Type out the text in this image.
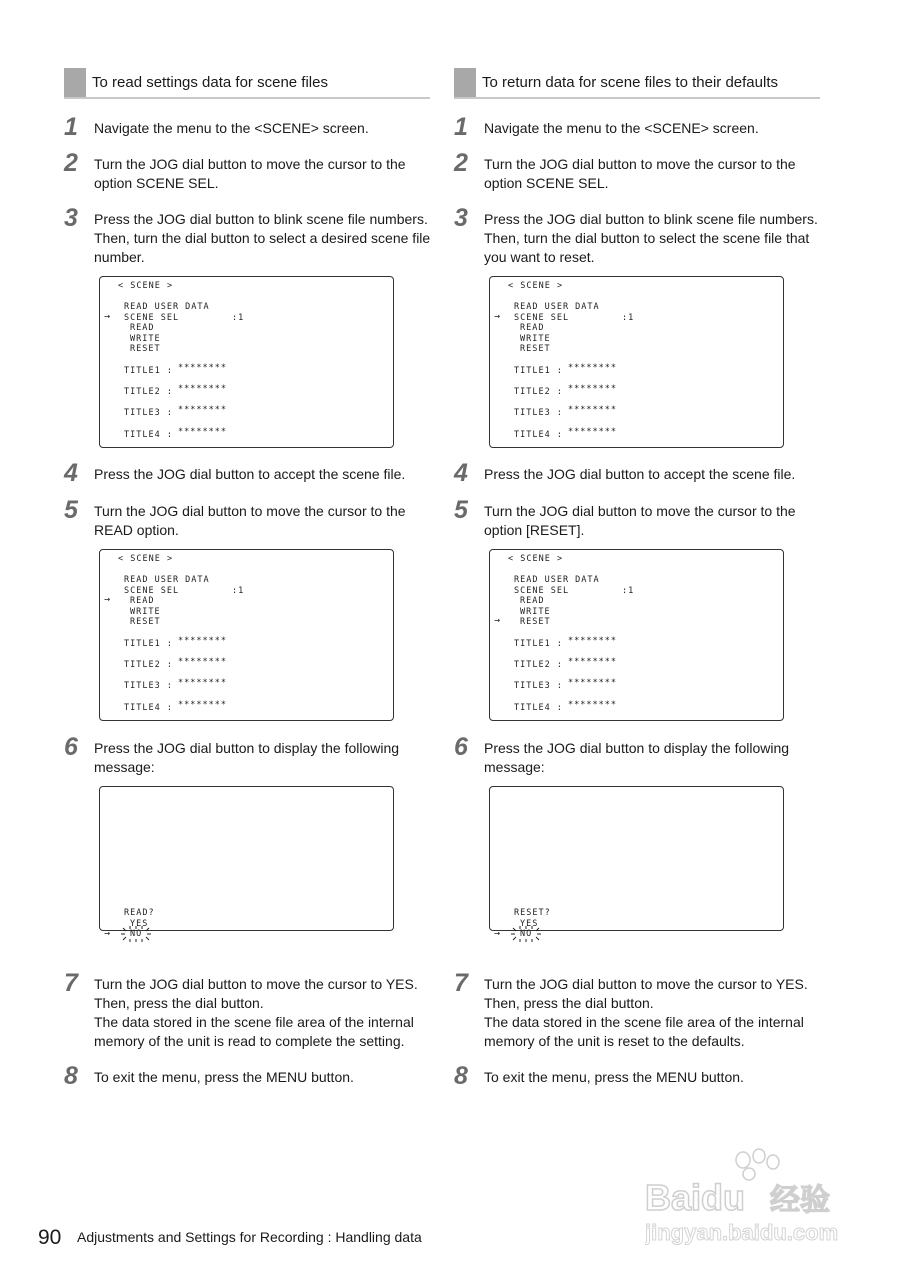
To read settings data for scene files
1 Navigate the menu to the <SCENE> screen.
2 Turn the JOG dial button to move the cursor to the option SCENE SEL.
3 Press the JOG dial button to blink scene file numbers. Then, turn the dial button to select a desired scene file number.
< SCENE >
READ USER DATA
→ SCENE SEL	:1
READ
WRITE
RESET
TITLE1 : ********
TITLE2 : ********
TITLE3 : ********
TITLE4 : ********
4 Press the JOG dial button to accept the scene file.
5 Turn the JOG dial button to move the cursor to the READ option.
< SCENE >
READ USER DATA
SCENE SEL	:1
→ READ
WRITE
RESET
TITLE1 : ********
TITLE2 : ********
TITLE3 : ********
TITLE4 : ********
6 Press the JOG dial button to display the following message:
READ?
YES
→ NO
7 Turn the JOG dial button to move the cursor to YES. Then, press the dial button.
The data stored in the scene file area of the internal memory of the unit is read to complete the setting.
8 To exit the menu, press the MENU button.
To return data for scene files to their defaults
1 Navigate the menu to the <SCENE> screen.
2 Turn the JOG dial button to move the cursor to the option SCENE SEL.
3 Press the JOG dial button to blink scene file numbers. Then, turn the dial button to select the scene file that you want to reset.
< SCENE >
READ USER DATA
→ SCENE SEL	:1
READ
WRITE
RESET
TITLE1 : ********
TITLE2 : ********
TITLE3 : ********
TITLE4 : ********
4 Press the JOG dial button to accept the scene file.
5 Turn the JOG dial button to move the cursor to the option [RESET].
< SCENE >
READ USER DATA
SCENE SEL	:1
READ
WRITE
→ RESET
TITLE1 : ********
TITLE2 : ********
TITLE3 : ********
TITLE4 : ********
6 Press the JOG dial button to display the following message:
RESET?
YES
→ NO
7 Turn the JOG dial button to move the cursor to YES. Then, press the dial button.
The data stored in the scene file area of the internal memory of the unit is reset to the defaults.
8 To exit the menu, press the MENU button.
90 Adjustments and Settings for Recording : Handling data
Baidu 经验
jingyan.baidu.com
